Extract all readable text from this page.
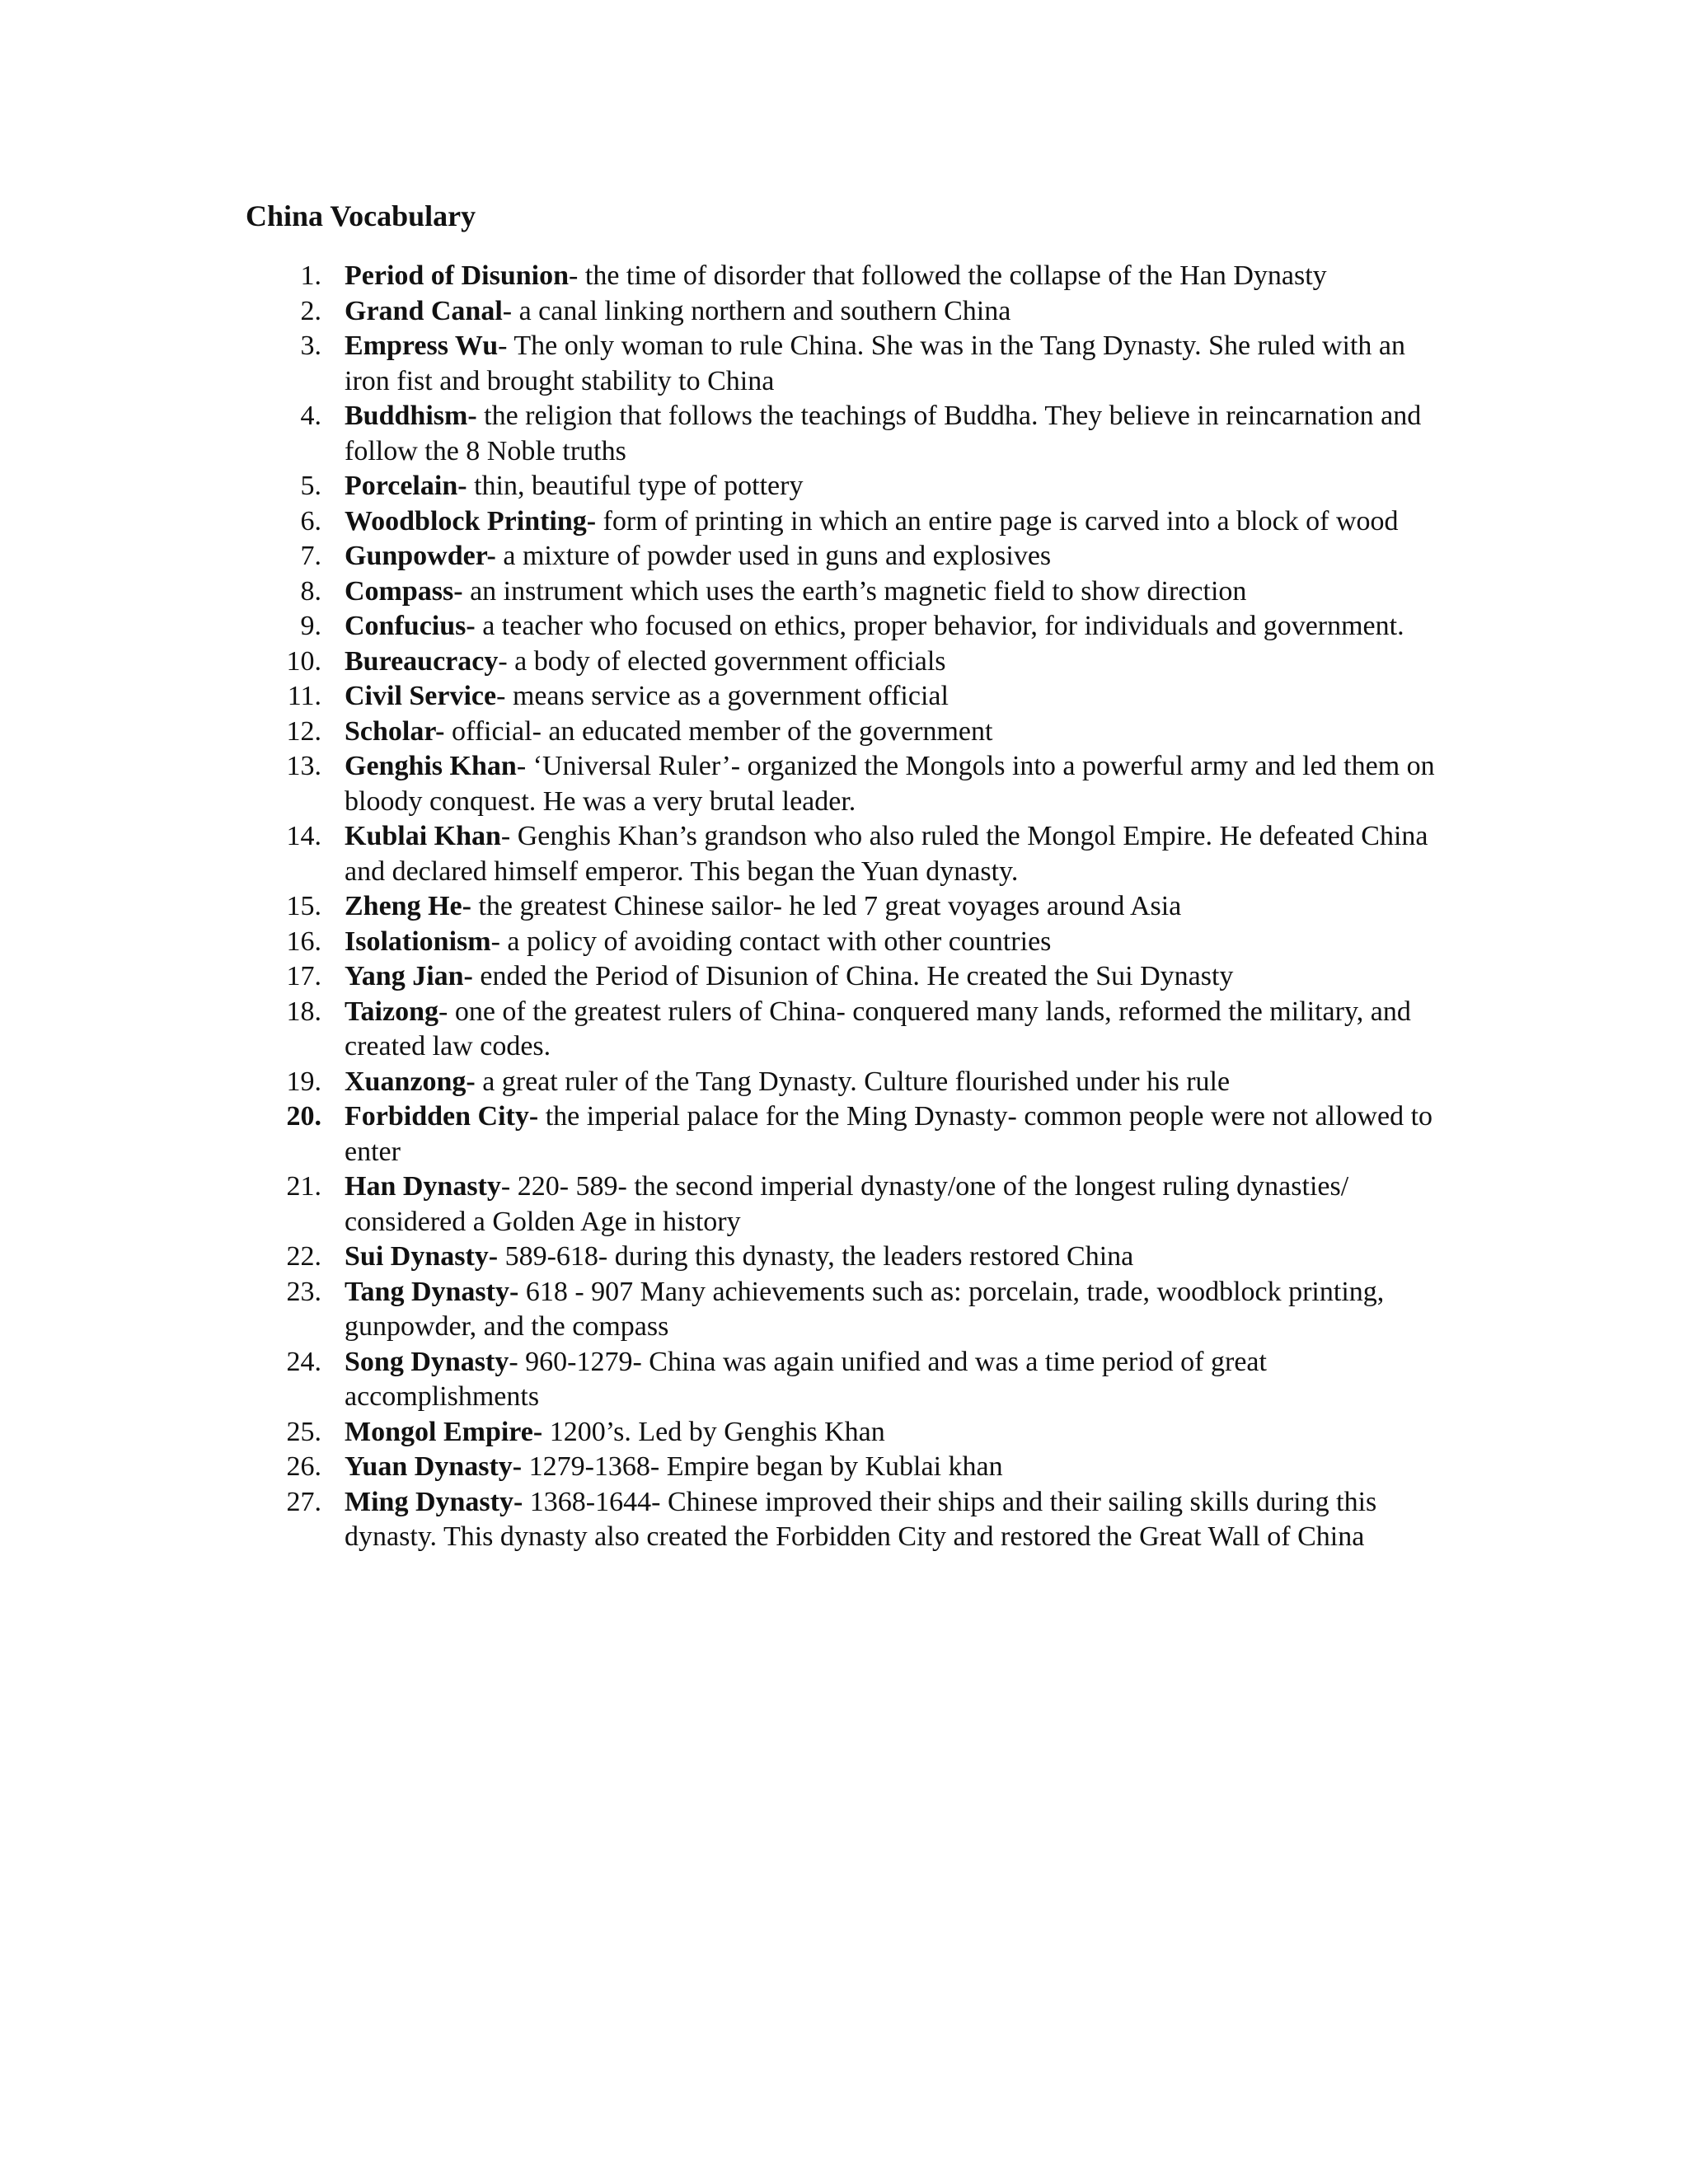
China Vocabulary
1. Period of Disunion- the time of disorder that followed the collapse of the Han Dynasty
2. Grand Canal- a canal linking northern and southern China
3. Empress Wu- The only woman to rule China. She was in the Tang Dynasty. She ruled with an iron fist and brought stability to China
4. Buddhism- the religion that follows the teachings of Buddha. They believe in reincarnation and follow the 8 Noble truths
5. Porcelain- thin, beautiful type of pottery
6. Woodblock Printing- form of printing in which an entire page is carved into a block of wood
7. Gunpowder- a mixture of powder used in guns and explosives
8. Compass- an instrument which uses the earth’s magnetic field to show direction
9. Confucius- a teacher who focused on ethics, proper behavior, for individuals and government.
10. Bureaucracy- a body of elected government officials
11. Civil Service- means service as a government official
12. Scholar- official- an educated member of the government
13. Genghis Khan- ‘Universal Ruler’- organized the Mongols into a powerful army and led them on bloody conquest. He was a very brutal leader.
14. Kublai Khan- Genghis Khan’s grandson who also ruled the Mongol Empire. He defeated China and declared himself emperor. This began the Yuan dynasty.
15. Zheng He- the greatest Chinese sailor- he led 7 great voyages around Asia
16. Isolationism- a policy of avoiding contact with other countries
17. Yang Jian- ended the Period of Disunion of China. He created the Sui Dynasty
18. Taizong- one of the greatest rulers of China- conquered many lands, reformed the military, and created law codes.
19. Xuanzong- a great ruler of the Tang Dynasty. Culture flourished under his rule
20. Forbidden City- the imperial palace for the Ming Dynasty- common people were not allowed to enter
21. Han Dynasty- 220- 589- the second imperial dynasty/one of the longest ruling dynasties/ considered a Golden Age in history
22. Sui Dynasty- 589-618- during this dynasty, the leaders restored China
23. Tang Dynasty- 618 - 907 Many achievements such as: porcelain, trade, woodblock printing, gunpowder, and the compass
24. Song Dynasty- 960-1279- China was again unified and was a time period of great accomplishments
25. Mongol Empire- 1200’s. Led by Genghis Khan
26. Yuan Dynasty- 1279-1368- Empire began by Kublai khan
27. Ming Dynasty- 1368-1644- Chinese improved their ships and their sailing skills during this dynasty. This dynasty also created the Forbidden City and restored the Great Wall of China
